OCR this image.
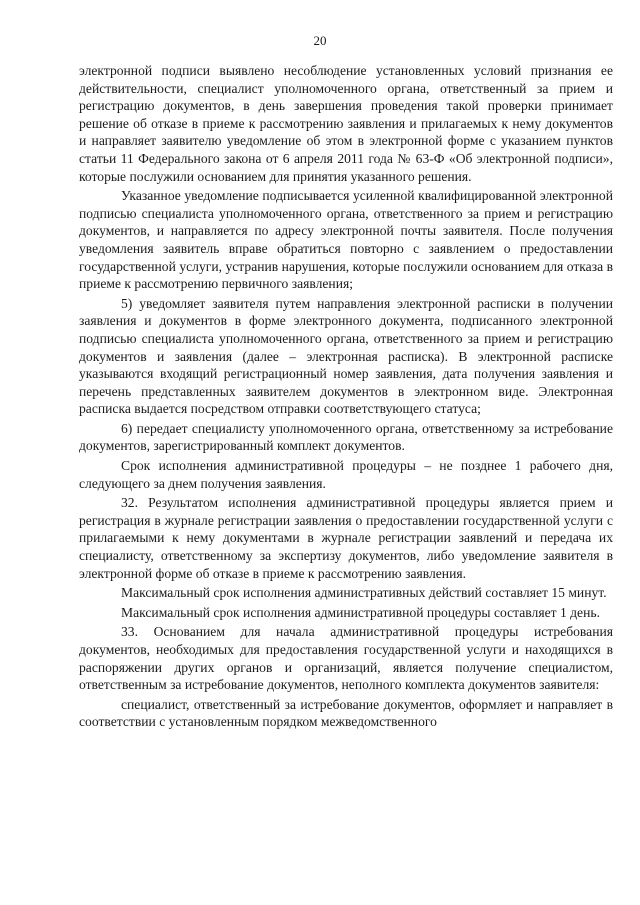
20

электронной подписи выявлено несоблюдение установленных условий признания ее действительности, специалист уполномоченного органа, ответственный за прием и регистрацию документов, в день завершения проведения такой проверки принимает решение об отказе в приеме к рассмотрению заявления и прилагаемых к нему документов и направляет заявителю уведомление об этом в электронной форме с указанием пунктов статьи 11 Федерального закона от 6 апреля 2011 года № 63-Ф «Об электронной подписи», которые послужили основанием для принятия указанного решения.

Указанное уведомление подписывается усиленной квалифицированной электронной подписью специалиста уполномоченного органа, ответственного за прием и регистрацию документов, и направляется по адресу электронной почты заявителя. После получения уведомления заявитель вправе обратиться повторно с заявлением о предоставлении государственной услуги, устранив нарушения, которые послужили основанием для отказа в приеме к рассмотрению первичного заявления;

5) уведомляет заявителя путем направления электронной расписки в получении заявления и документов в форме электронного документа, подписанного электронной подписью специалиста уполномоченного органа, ответственного за прием и регистрацию документов и заявления (далее – электронная расписка). В электронной расписке указываются входящий регистрационный номер заявления, дата получения заявления и перечень представленных заявителем документов в электронном виде. Электронная расписка выдается посредством отправки соответствующего статуса;

6) передает специалисту уполномоченного органа, ответственному за истребование документов, зарегистрированный комплект документов.

Срок исполнения административной процедуры – не позднее 1 рабочего дня, следующего за днем получения заявления.

32. Результатом исполнения административной процедуры является прием и регистрация в журнале регистрации заявления о предоставлении государственной услуги с прилагаемыми к нему документами в журнале регистрации заявлений и передача их специалисту, ответственному за экспертизу документов, либо уведомление заявителя в электронной форме об отказе в приеме к рассмотрению заявления.

Максимальный срок исполнения административных действий составляет 15 минут.

Максимальный срок исполнения административной процедуры составляет 1 день.

33. Основанием для начала административной процедуры истребования документов, необходимых для предоставления государственной услуги и находящихся в распоряжении других органов и организаций, является получение специалистом, ответственным за истребование документов, неполного комплекта документов заявителя:

специалист, ответственный за истребование документов, оформляет и направляет в соответствии с установленным порядком межведомственного
